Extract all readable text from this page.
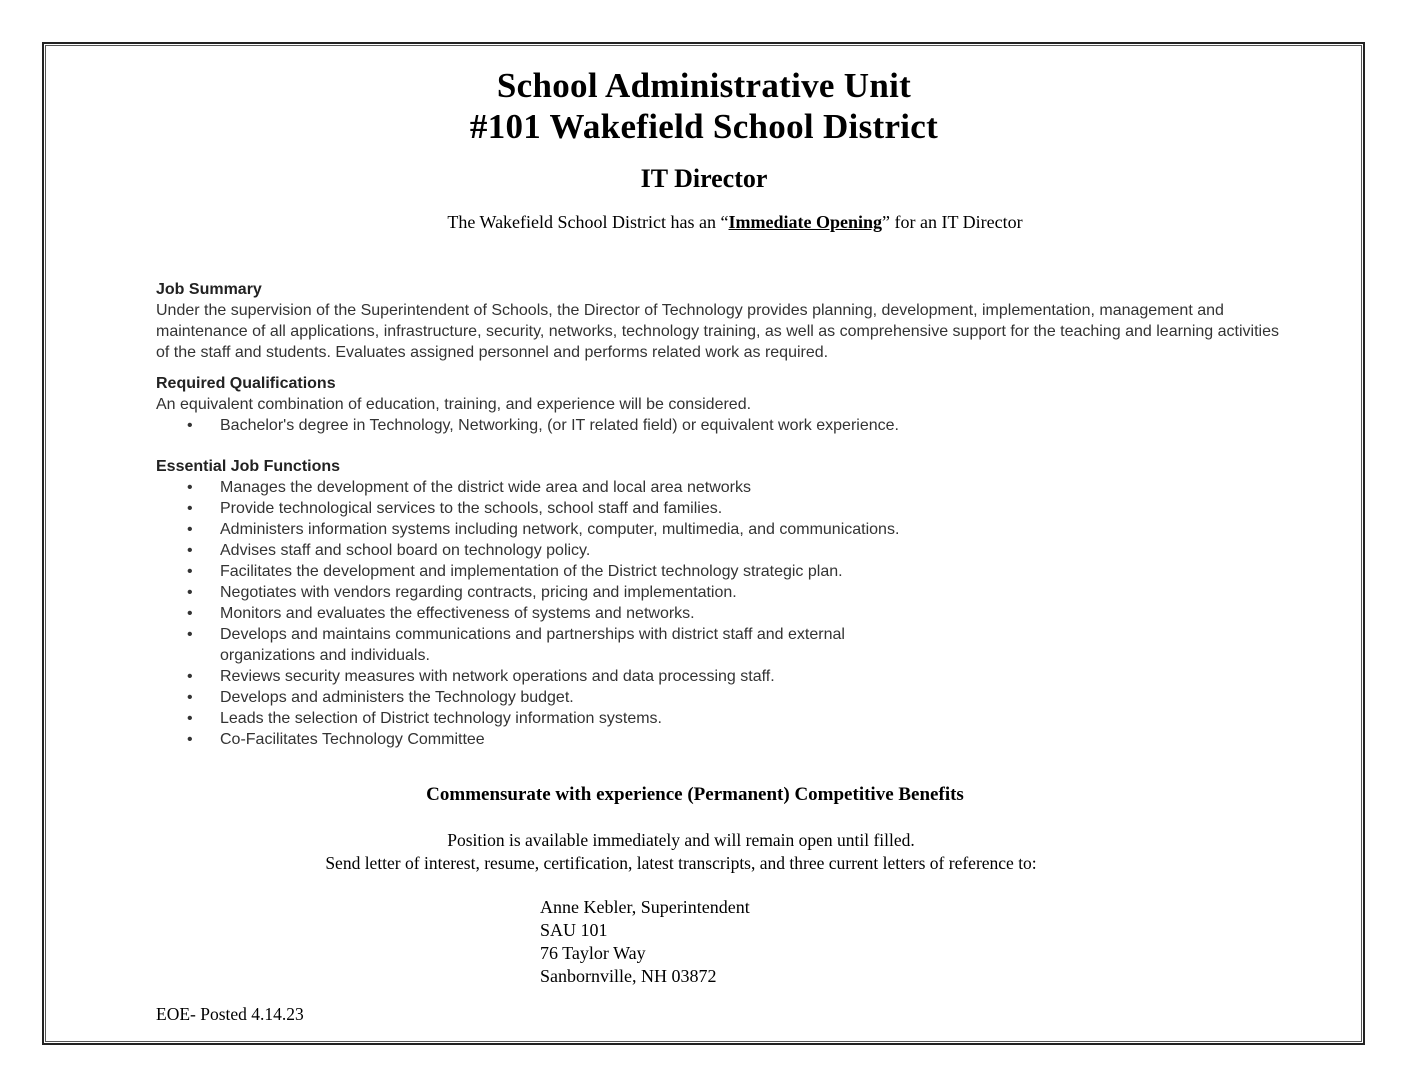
School Administrative Unit
#101 Wakefield School District
IT Director
The Wakefield School District has an “Immediate Opening” for an IT Director
Job Summary

Under the supervision of the Superintendent of Schools, the Director of Technology provides planning, development, implementation, management and maintenance of all applications, infrastructure, security, networks, technology training, as well as comprehensive support for the teaching and learning activities of the staff and students. Evaluates assigned personnel and performs related work as required.

Required Qualifications

An equivalent combination of education, training, and experience will be considered.

• Bachelor's degree in Technology, Networking, (or IT related field) or equivalent work experience.
Essential Job Functions
• Manages the development of the district wide area and local area networks
• Provide technological services to the schools, school staff and families.
• Administers information systems including network, computer, multimedia, and communications.
• Advises staff and school board on technology policy.
• Facilitates the development and implementation of the District technology strategic plan.
• Negotiates with vendors regarding contracts, pricing and implementation.
• Monitors and evaluates the effectiveness of systems and networks.
• Develops and maintains communications and partnerships with district staff and external organizations and individuals.
• Reviews security measures with network operations and data processing staff.
• Develops and administers the Technology budget.
• Leads the selection of District technology information systems.
• Co-Facilitates Technology Committee
Commensurate with experience (Permanent) Competitive Benefits
Position is available immediately and will remain open until filled.
Send letter of interest, resume, certification, latest transcripts, and three current letters of reference to:
Anne Kebler, Superintendent
SAU 101
76 Taylor Way
Sanbornville, NH 03872
EOE- Posted 4.14.23
